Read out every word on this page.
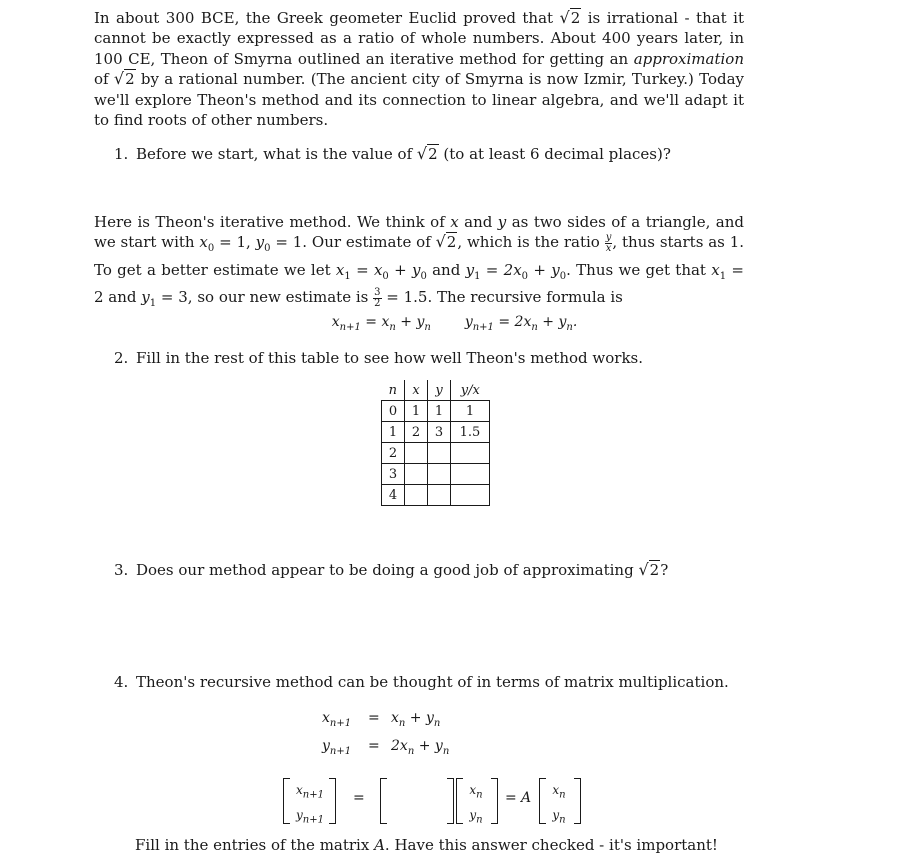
In about 300 BCE, the Greek geometer Euclid proved that √2 is irrational - that it cannot be exactly expressed as a ratio of whole numbers. About 400 years later, in 100 CE, Theon of Smyrna outlined an iterative method for getting an approximation of √2 by a rational number. (The ancient city of Smyrna is now Izmir, Turkey.) Today we'll explore Theon's method and its connection to linear algebra, and we'll adapt it to find roots of other numbers.

1. Before we start, what is the value of √2 (to at least 6 decimal places)?

Here is Theon's iterative method. We think of x and y as two sides of a triangle, and we start with $x_0 = 1$, $y_0 = 1$. Our estimate of √2, which is the ratio $\frac{y}{x}$ , thus starts as 1. To get a better estimate we let $x_1 = x_0 + y_0$ and $y_1 = 2x_0 + y_0$. Thus we get that $x_1 = 2$ and $y_1 = 3$, so our new estimate is $\frac{3}{2} = 1.5$. The recursive formula is

$x_{n+1} = x_n + y_n$ $y_{n+1} = 2x_n + y_n$.
2. Fill in the rest of this table to see how well Theon's method works.
n	x	y	y/x
0	1	1	1
1	2	3	1.5
2			
3			
4			
3. Does our method appear to be doing a good job of approximating √2?
4. Theon's recursive method can be thought of in terms of matrix multiplication.
$x_{n+1} = x_n + y_n$
$y_{n+1} = 2x_n + y_n$
$x_{n+1}$
$y_{n+1}$
=	$x_n$
$y_n$
= A	$x_n$
$y_n$
Fill in the entries of the matrix A. Have this answer checked - it's important!
